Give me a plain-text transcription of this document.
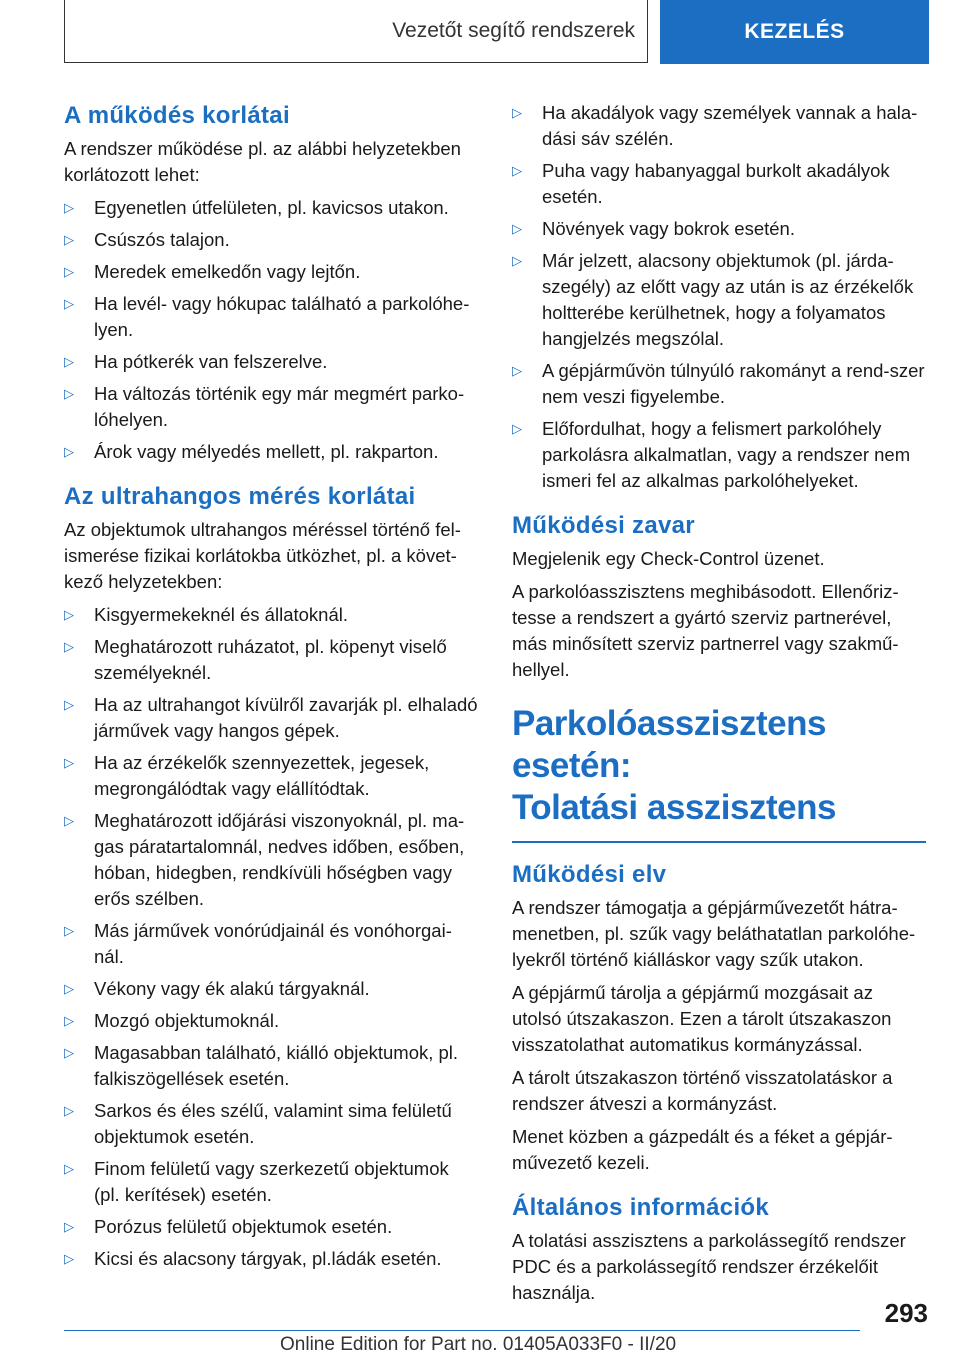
Vezetőt segítő rendszerek	KEZELÉS
A működés korlátai

A rendszer működése pl. az alábbi helyzetekben korlátozott lehet:

▷ Egyenetlen útfelületen, pl. kavicsos utakon.
▷ Csúszós talajon.
▷ Meredek emelkedőn vagy lejtőn.
▷ Ha levél- vagy hókupac található a parkolóhe-lyen.
▷ Ha pótkerék van felszerelve.
▷ Ha változás történik egy már megmért parko-lóhelyen.
▷ Árok vagy mélyedés mellett, pl. rakparton.
Az ultrahangos mérés korlátai

Az objektumok ultrahangos méréssel történő fel-ismerése fizikai korlátokba ütközhet, pl. a követ-kező helyzetekben:

▷ Kisgyermekeknél és állatoknál.
▷ Meghatározott ruházatot, pl. köpenyt viselő személyeknél.
▷ Ha az ultrahangot kívülről zavarják pl. elhaladó járművek vagy hangos gépek.
▷ Ha az érzékelők szennyezettek, jegesek, megrongálódtak vagy elállítódtak.
▷ Meghatározott időjárási viszonyoknál, pl. ma-gas páratartalomnál, nedves időben, esőben, hóban, hidegben, rendkívüli hőségben vagy erős szélben.
▷ Más járművek vonórúdjainál és vonóhorgai-nál.
▷ Vékony vagy ék alakú tárgyaknál.
▷ Mozgó objektumoknál.
▷ Magasabban található, kiálló objektumok, pl. falkiszögellések esetén.
▷ Sarkos és éles szélű, valamint sima felületű objektumok esetén.
▷ Finom felületű vagy szerkezetű objektumok (pl. kerítések) esetén.
▷ Porózus felületű objektumok esetén.
▷ Kicsi és alacsony tárgyak, pl.ládák esetén.
▷ Ha akadályok vagy személyek vannak a hala-dási sáv szélén.
▷ Puha vagy habanyaggal burkolt akadályok esetén.
▷ Növények vagy bokrok esetén.
▷ Már jelzett, alacsony objektumok (pl. járda-szegély) az előtt vagy az után is az érzékelők holtterébe kerülhetnek, hogy a folyamatos hangjelzés megszólal.
▷ A gépjárművön túlnyúló rakományt a rend-szer nem veszi figyelembe.
▷ Előfordulhat, hogy a felismert parkolóhely parkolásra alkalmatlan, vagy a rendszer nem ismeri fel az alkalmas parkolóhelyeket.
Működési zavar

Megjelenik egy Check-Control üzenet.

A parkolóasszisztens meghibásodott. Ellenőriz-tesse a rendszert a gyártó szerviz partnerével, más minősített szerviz partnerrel vagy szakmű-hellyel.

Parkolóasszisztens esetén:
Tolatási asszisztens
Működési elv

A rendszer támogatja a gépjárművezetőt hátra-menetben, pl. szűk vagy beláthatatlan parkolóhe-lyekről történő kiálláskor vagy szűk utakon.

A gépjármű tárolja a gépjármű mozgásait az utolsó útszakaszon. Ezen a tárolt útszakaszon visszatolathat automatikus kormányzással.

A tárolt útszakaszon történő visszatolatáskor a rendszer átveszi a kormányzást.

Menet közben a gázpedált és a féket a gépjár-művezető kezeli.

Általános információk

A tolatási asszisztens a parkolássegítő rendszer PDC és a parkolássegítő rendszer érzékelőit használja.

293
Online Edition for Part no. 01405A033F0 - II/20
